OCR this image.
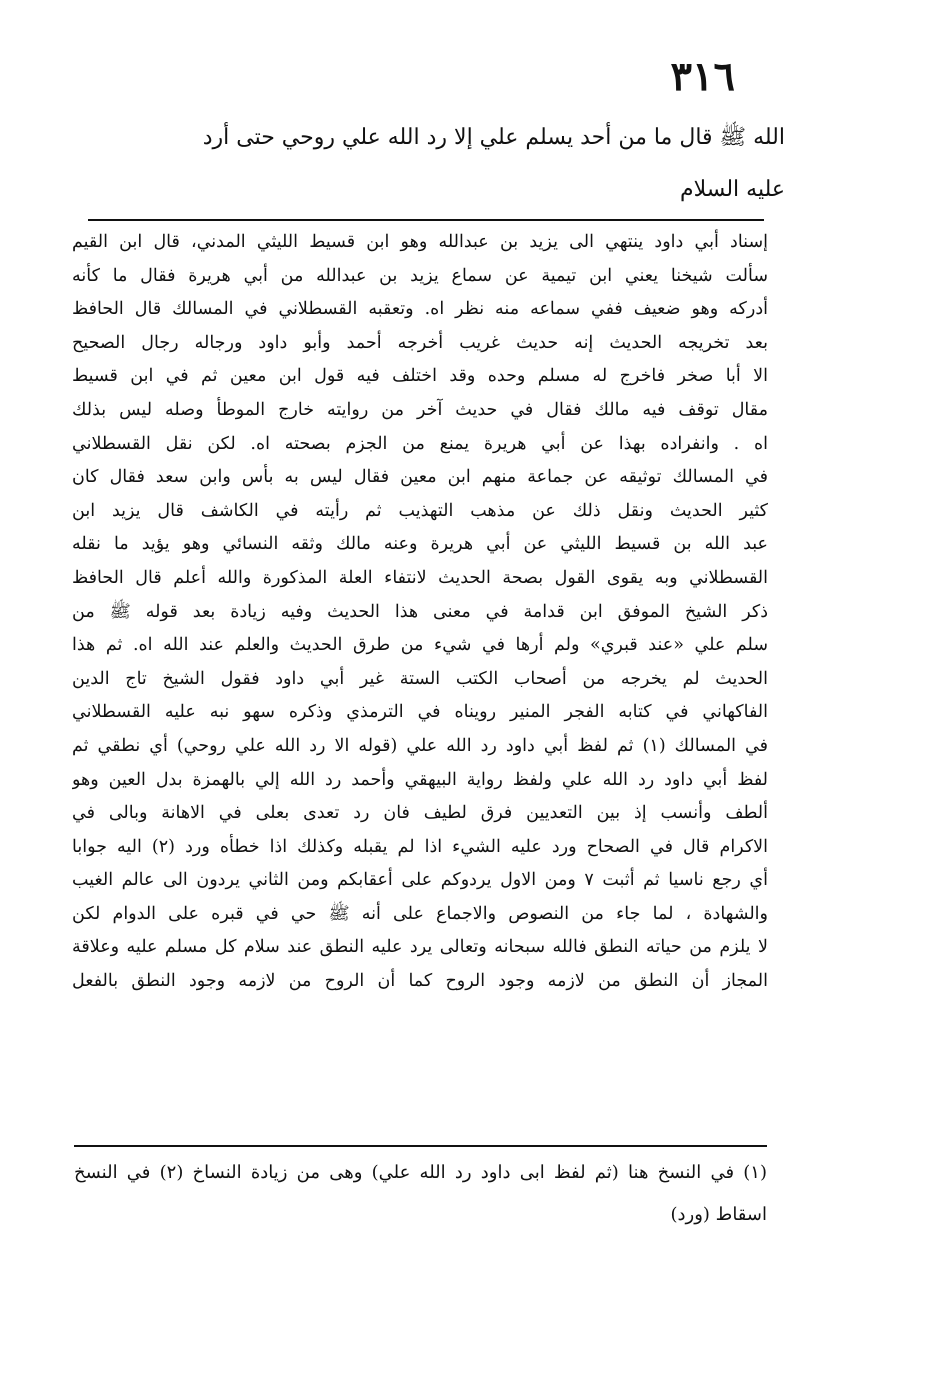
٣١٦
الله ﷺ قال ما من أحد يسلم علي إلا رد الله علي روحي حتى أرد
عليه السلام
إسناد أبي داود ينتهي الى يزيد بن عبدالله وهو ابن قسيط الليثي المدني، قال ابن القيم
سألت شيخنا يعني ابن تيمية عن سماع يزيد بن عبدالله من أبي هريرة فقال ما كأنه
أدركه وهو ضعيف ففي سماعه منه نظر اه. وتعقبه القسطلاني في المسالك قال الحافظ
بعد تخريجه الحديث إنه حديث غريب أخرجه أحمد وأبو داود ورجاله رجال الصحيح
الا أبا صخر فاخرج له مسلم وحده وقد اختلف فيه قول ابن معين ثم في ابن قسيط
مقال توقف فيه مالك فقال في حديث آخر من روايته خارج الموطأ وصله ليس بذلك
اه . وانفراده بهذا عن أبي هريرة يمنع من الجزم بصحته اه. لكن نقل القسطلاني
في المسالك توثيقه عن جماعة منهم ابن معين فقال ليس به بأس وابن سعد فقال كان
كثير الحديث ونقل ذلك عن مذهب التهذيب ثم رأيته في الكاشف قال يزيد ابن
عبد الله بن قسيط الليثي عن أبي هريرة وعنه مالك وثقه النسائي وهو يؤيد ما نقله
القسطلاني وبه يقوى القول بصحة الحديث لانتفاء العلة المذكورة والله أعلم قال الحافظ
ذكر الشيخ الموفق ابن قدامة في معنى هذا الحديث وفيه زيادة بعد قوله ﷺ من
سلم علي «عند قبري» ولم أرها في شيء من طرق الحديث والعلم عند الله اه. ثم هذا
الحديث لم يخرجه من أصحاب الكتب الستة غير أبي داود فقول الشيخ تاج الدين
الفاكهاني في كتابه الفجر المنير رويناه في الترمذي وذكره سهو نبه عليه القسطلاني
في المسالك (١) ثم لفظ أبي داود رد الله علي (قوله الا رد الله علي روحي) أي نطقي ثم
لفظ أبي داود رد الله علي ولفظ رواية البيهقي وأحمد رد الله إلي بالهمزة بدل العين وهو
ألطف وأنسب إذ بين التعديين فرق لطيف فان رد تعدى بعلى في الاهانة وبالى في
الاكرام قال في الصحاح ورد عليه الشيء اذا لم يقبله وكذلك اذا خطأه ورد (٢) اليه جوابا
أي رجع ناسيا ثم أثبت ٧ ومن الاول يردوكم على أعقابكم ومن الثاني يردون الى عالم الغيب
والشهادة ، لما جاء من النصوص والاجماع على أنه ﷺ حي في قبره على الدوام لكن
لا يلزم من حياته النطق فالله سبحانه وتعالى يرد عليه النطق عند سلام كل مسلم عليه وعلاقة
المجاز أن النطق من لازمه وجود الروح كما أن الروح من لازمه وجود النطق بالفعل
(١) في النسخ هنا (ثم لفظ ابى داود رد الله علي) وهى من زيادة النساخ (٢) في النسخ
اسقاط (ورد)
